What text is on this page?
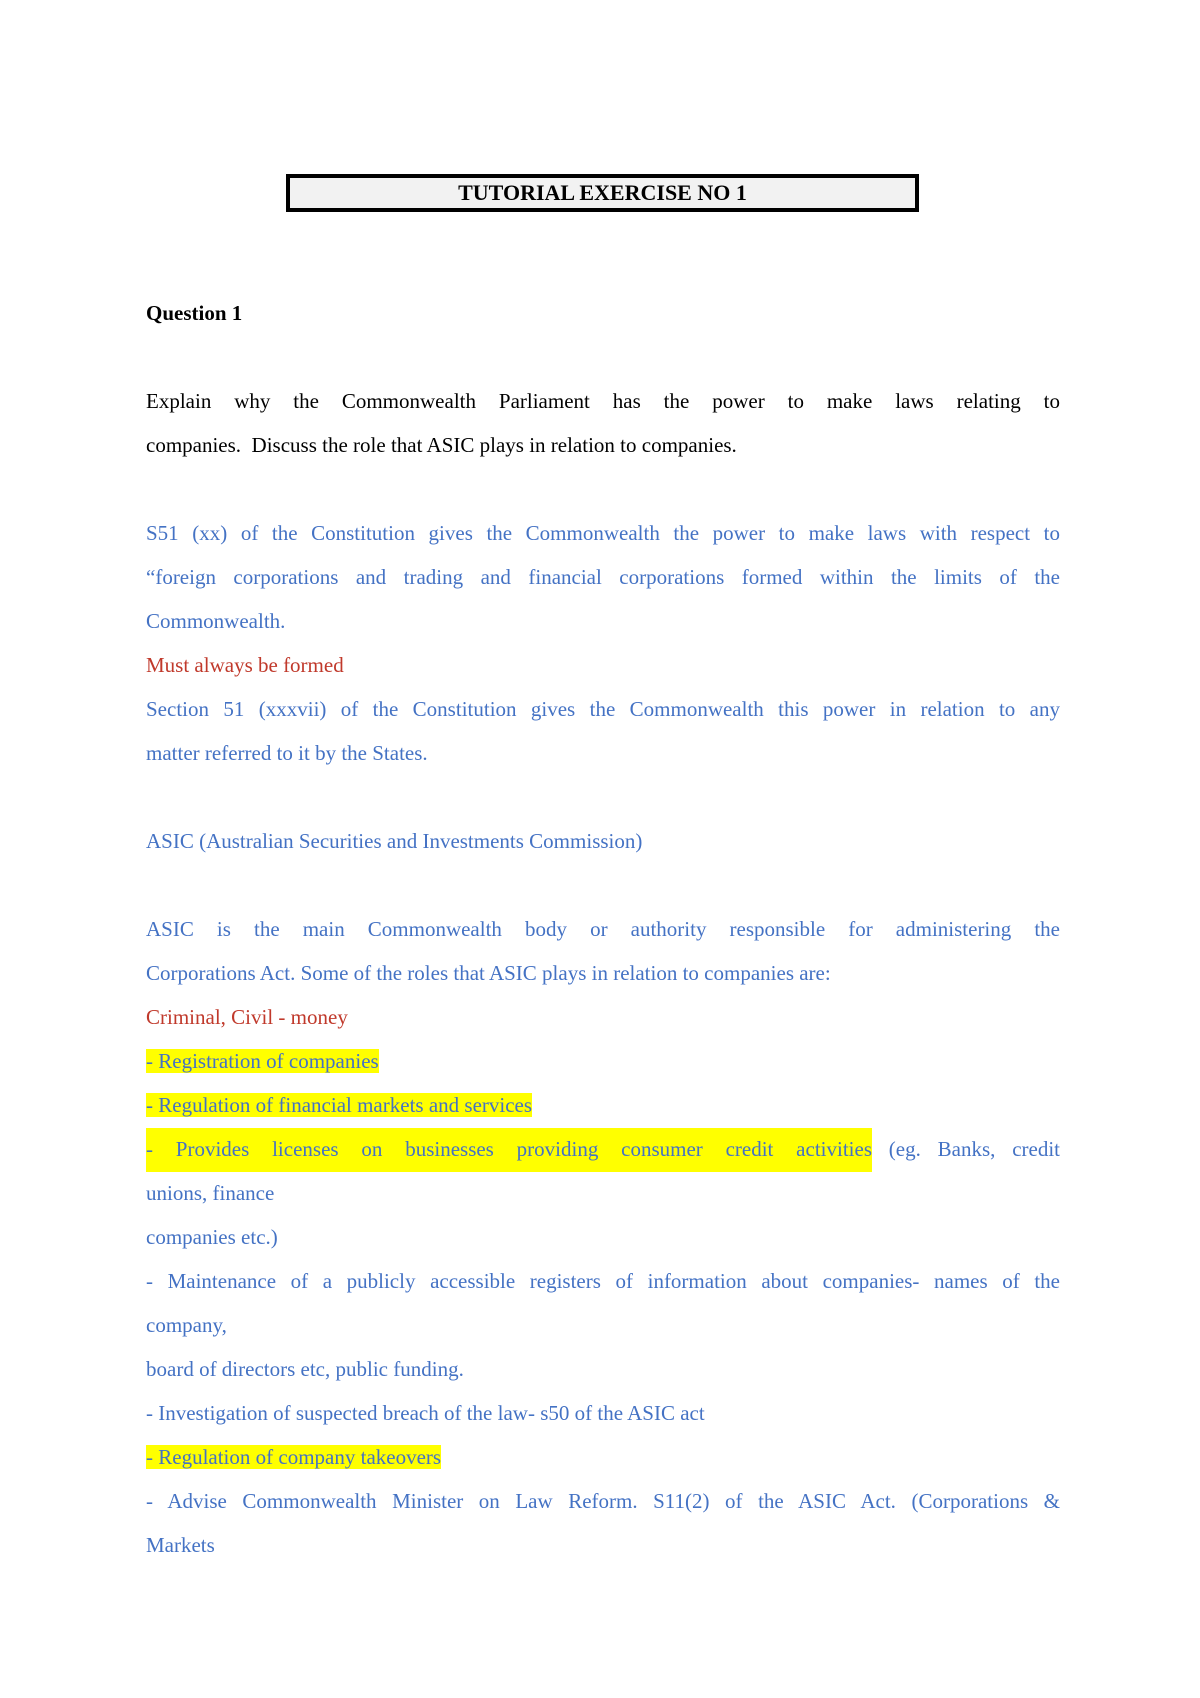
TUTORIAL EXERCISE NO 1
Question 1
Explain why the Commonwealth Parliament has the power to make laws relating to
companies.  Discuss the role that ASIC plays in relation to companies.
S51 (xx) of the Constitution gives the Commonwealth the power to make laws with respect to
“foreign corporations and trading and financial corporations formed within the limits of the
Commonwealth.
Must always be formed
Section 51 (xxxvii) of the Constitution gives the Commonwealth this power in relation to any
matter referred to it by the States.
ASIC (Australian Securities and Investments Commission)
ASIC is the main Commonwealth body or authority responsible for administering the
Corporations Act. Some of the roles that ASIC plays in relation to companies are:
Criminal, Civil - money
- Registration of companies
- Regulation of financial markets and services
- Provides licenses on businesses providing consumer credit activities (eg. Banks, credit
unions, finance
companies etc.)
- Maintenance of a publicly accessible registers of information about companies- names of the
company,
board of directors etc, public funding.
- Investigation of suspected breach of the law- s50 of the ASIC act
- Regulation of company takeovers
- Advise Commonwealth Minister on Law Reform. S11(2) of the ASIC Act. (Corporations &
Markets
